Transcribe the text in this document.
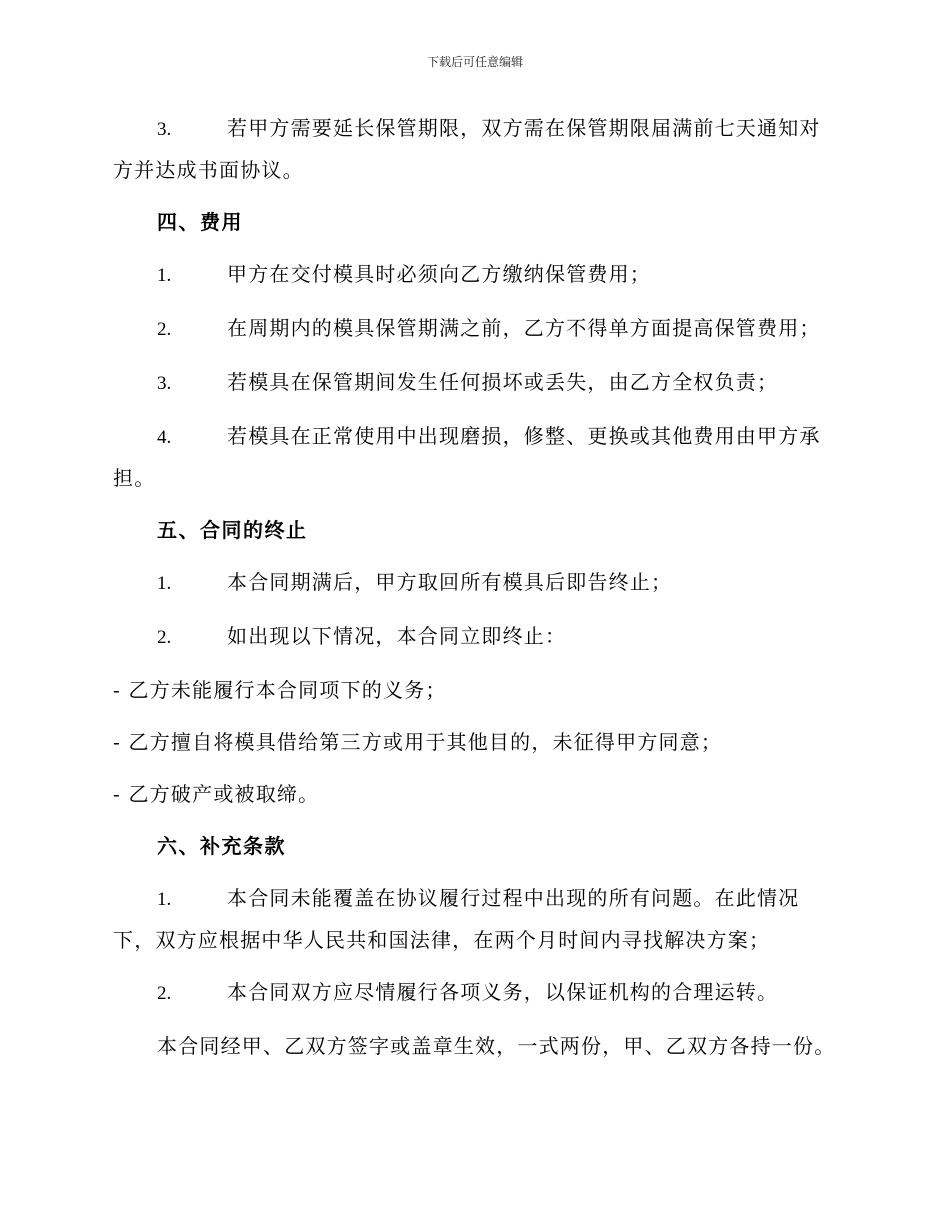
下载后可任意编辑

3.	若甲方需要延长保管期限，双方需在保管期限届满前七天通知对方并达成书面协议。

四、费用

1.	甲方在交付模具时必须向乙方缴纳保管费用；

2.	在周期内的模具保管期满之前，乙方不得单方面提高保管费用；

3.	若模具在保管期间发生任何损坏或丢失，由乙方全权负责；

4.	若模具在正常使用中出现磨损，修整、更换或其他费用由甲方承担。

五、合同的终止

1.	本合同期满后，甲方取回所有模具后即告终止；

2.	如出现以下情况，本合同立即终止：

- 乙方未能履行本合同项下的义务；

- 乙方擅自将模具借给第三方或用于其他目的，未征得甲方同意；

- 乙方破产或被取缔。

六、补充条款

1.	本合同未能覆盖在协议履行过程中出现的所有问题。在此情况下，双方应根据中华人民共和国法律，在两个月时间内寻找解决方案；

2.	本合同双方应尽情履行各项义务，以保证机构的合理运转。

本合同经甲、乙双方签字或盖章生效，一式两份，甲、乙双方各持一份。
